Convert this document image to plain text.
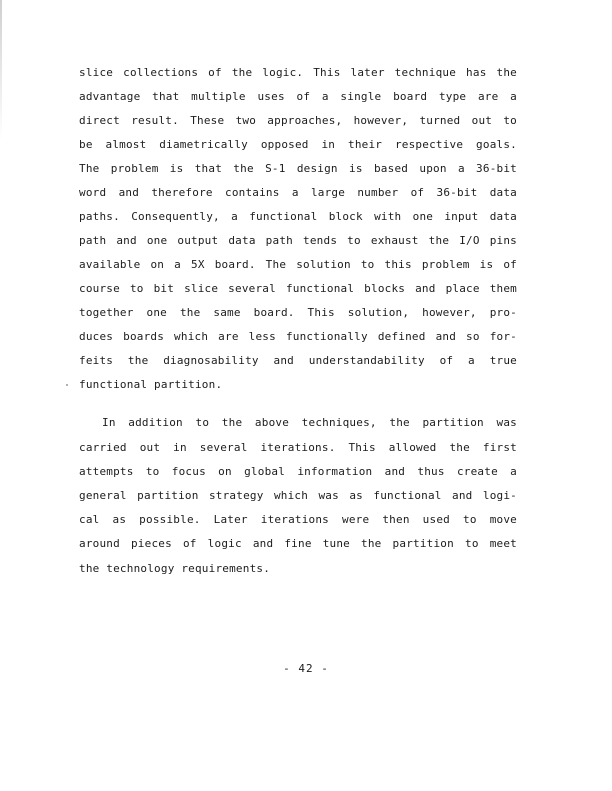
slice collections of the logic. This later technique has the
advantage that multiple uses of a single board type are a
direct result. These two approaches, however, turned out to
be almost diametrically opposed in their respective goals.
The problem is that the S-1 design is based upon a 36-bit
word and therefore contains a large number of 36-bit data
paths. Consequently, a functional block with one input data
path and one output data path tends to exhaust the I/O pins
available on a 5X board. The solution to this problem is of
course to bit slice several functional blocks and place them
together one the same board. This solution, however, pro-
duces boards which are less functionally defined and so for-
feits the diagnosability and understandability of a true
functional partition.
In addition to the above techniques, the partition was
carried out in several iterations. This allowed the first
attempts to focus on global information and thus create a
general partition strategy which was as functional and logi-
cal as possible. Later iterations were then used to move
around pieces of logic and fine tune the partition to meet
the technology requirements.
- 42 -
